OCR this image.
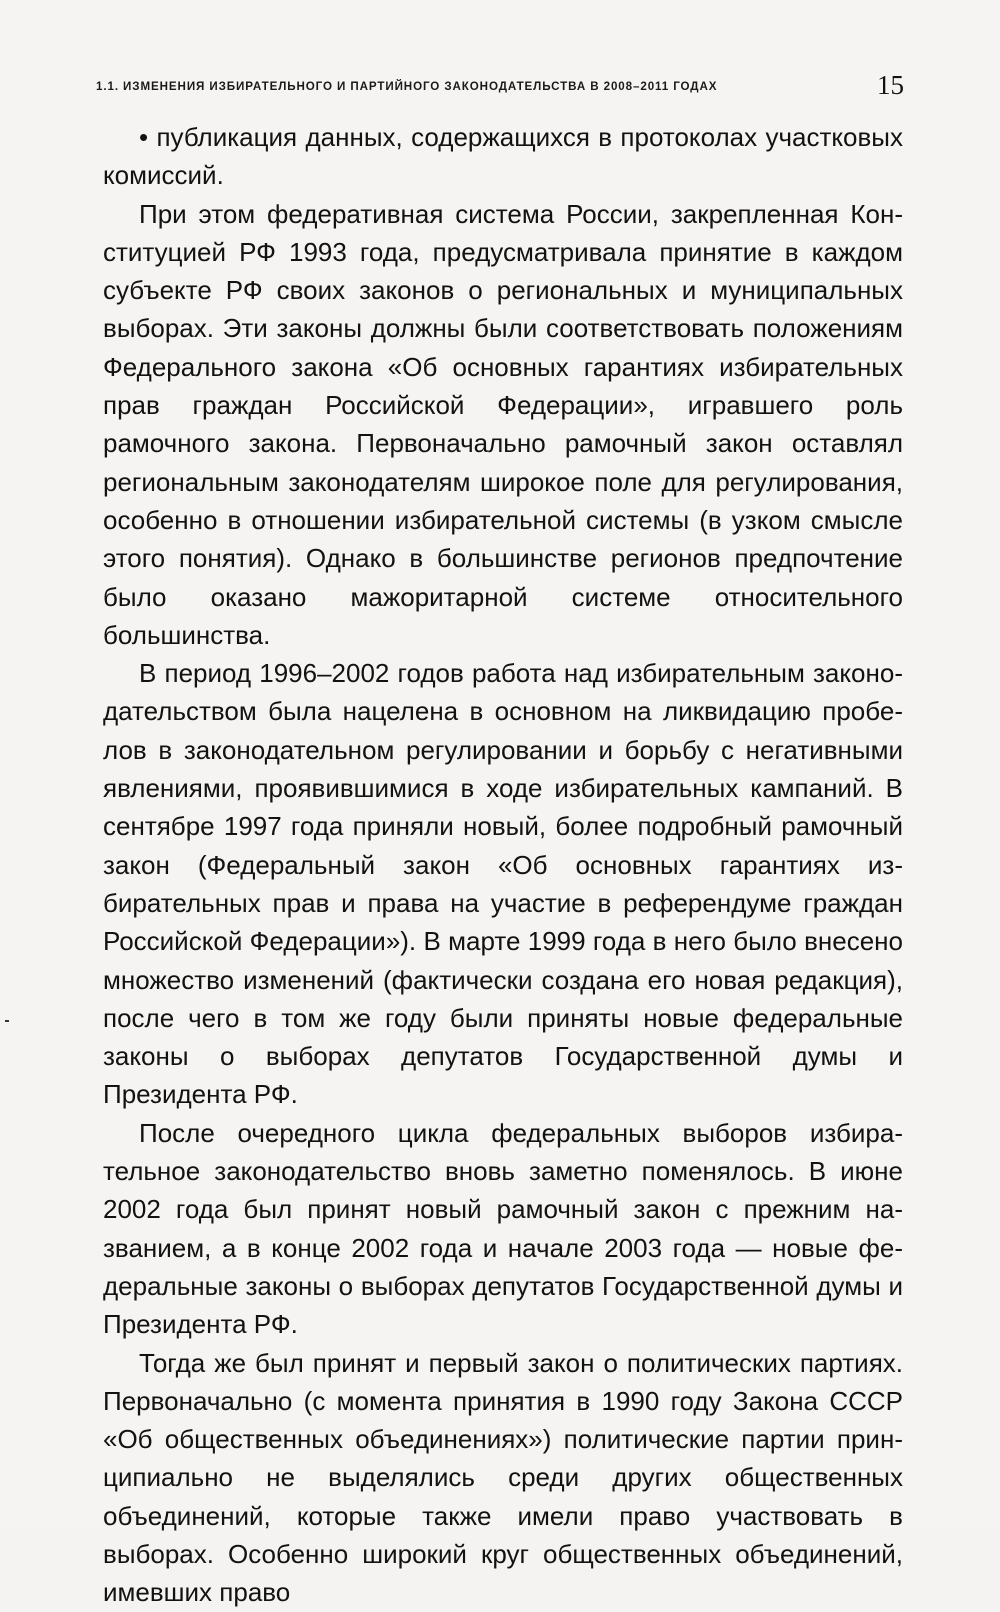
1.1. ИЗМЕНЕНИЯ ИЗБИРАТЕЛЬНОГО И ПАРТИЙНОГО ЗАКОНОДАТЕЛЬСТВА В 2008–2011 ГОДАХ	15

• публикация данных, содержащихся в протоколах участковых комиссий.

При этом федеративная система России, закрепленная Конституцией РФ 1993 года, предусматривала принятие в каждом субъекте РФ своих законов о региональных и муниципальных выборах. Эти законы должны были соответствовать положениям Федерального закона «Об основных гарантиях избирательных прав граждан Российской Федерации», игравшего роль рамочного закона. Первоначально рамочный закон оставлял региональным законодателям широкое поле для регулирования, особенно в отношении избирательной системы (в узком смысле этого понятия). Однако в большинстве регионов предпочтение было оказано мажоритарной системе относительного большинства.

В период 1996–2002 годов работа над избирательным законодательством была нацелена в основном на ликвидацию пробелов в законодательном регулировании и борьбу с негативными явлениями, проявившимися в ходе избирательных кампаний. В сентябре 1997 года приняли новый, более подробный рамочный закон (Федеральный закон «Об основных гарантиях избирательных прав и права на участие в референдуме граждан Российской Федерации»). В марте 1999 года в него было внесено множество изменений (фактически создана его новая редакция), после чего в том же году были приняты новые федеральные законы о выборах депутатов Государственной думы и Президента РФ.

После очередного цикла федеральных выборов избирательное законодательство вновь заметно поменялось. В июне 2002 года был принят новый рамочный закон с прежним названием, а в конце 2002 года и начале 2003 года — новые федеральные законы о выборах депутатов Государственной думы и Президента РФ.

Тогда же был принят и первый закон о политических партиях. Первоначально (с момента принятия в 1990 году Закона СССР «Об общественных объединениях») политические партии принципиально не выделялись среди других общественных объединений, которые также имели право участвовать в выборах. Особенно широкий круг общественных объединений, имевших право
